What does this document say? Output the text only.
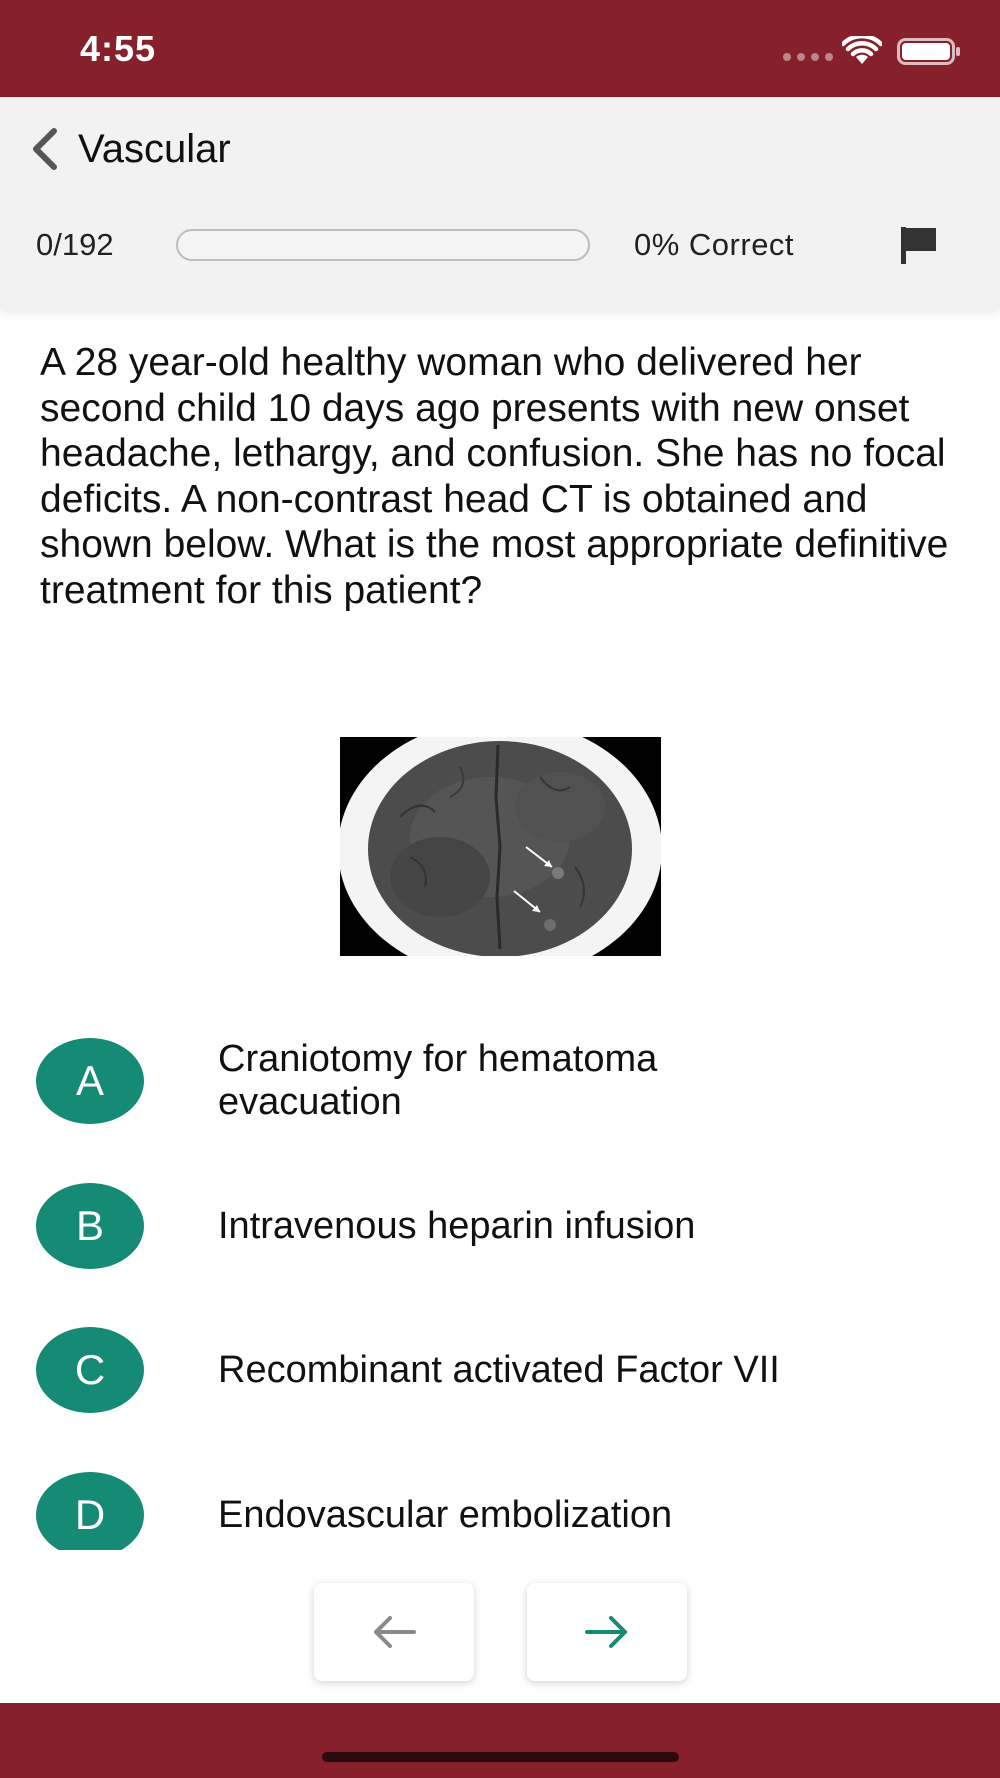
4:55
Vascular
0/192	0% Correct
A 28 year-old healthy woman who delivered her second child 10 days ago presents with new onset headache, lethargy, and confusion. She has no focal deficits. A non-contrast head CT is obtained and shown below. What is the most appropriate definitive treatment for this patient?
A	Craniotomy for hematoma evacuation
B	Intravenous heparin infusion
C	Recombinant activated Factor VII
D	Endovascular embolization
